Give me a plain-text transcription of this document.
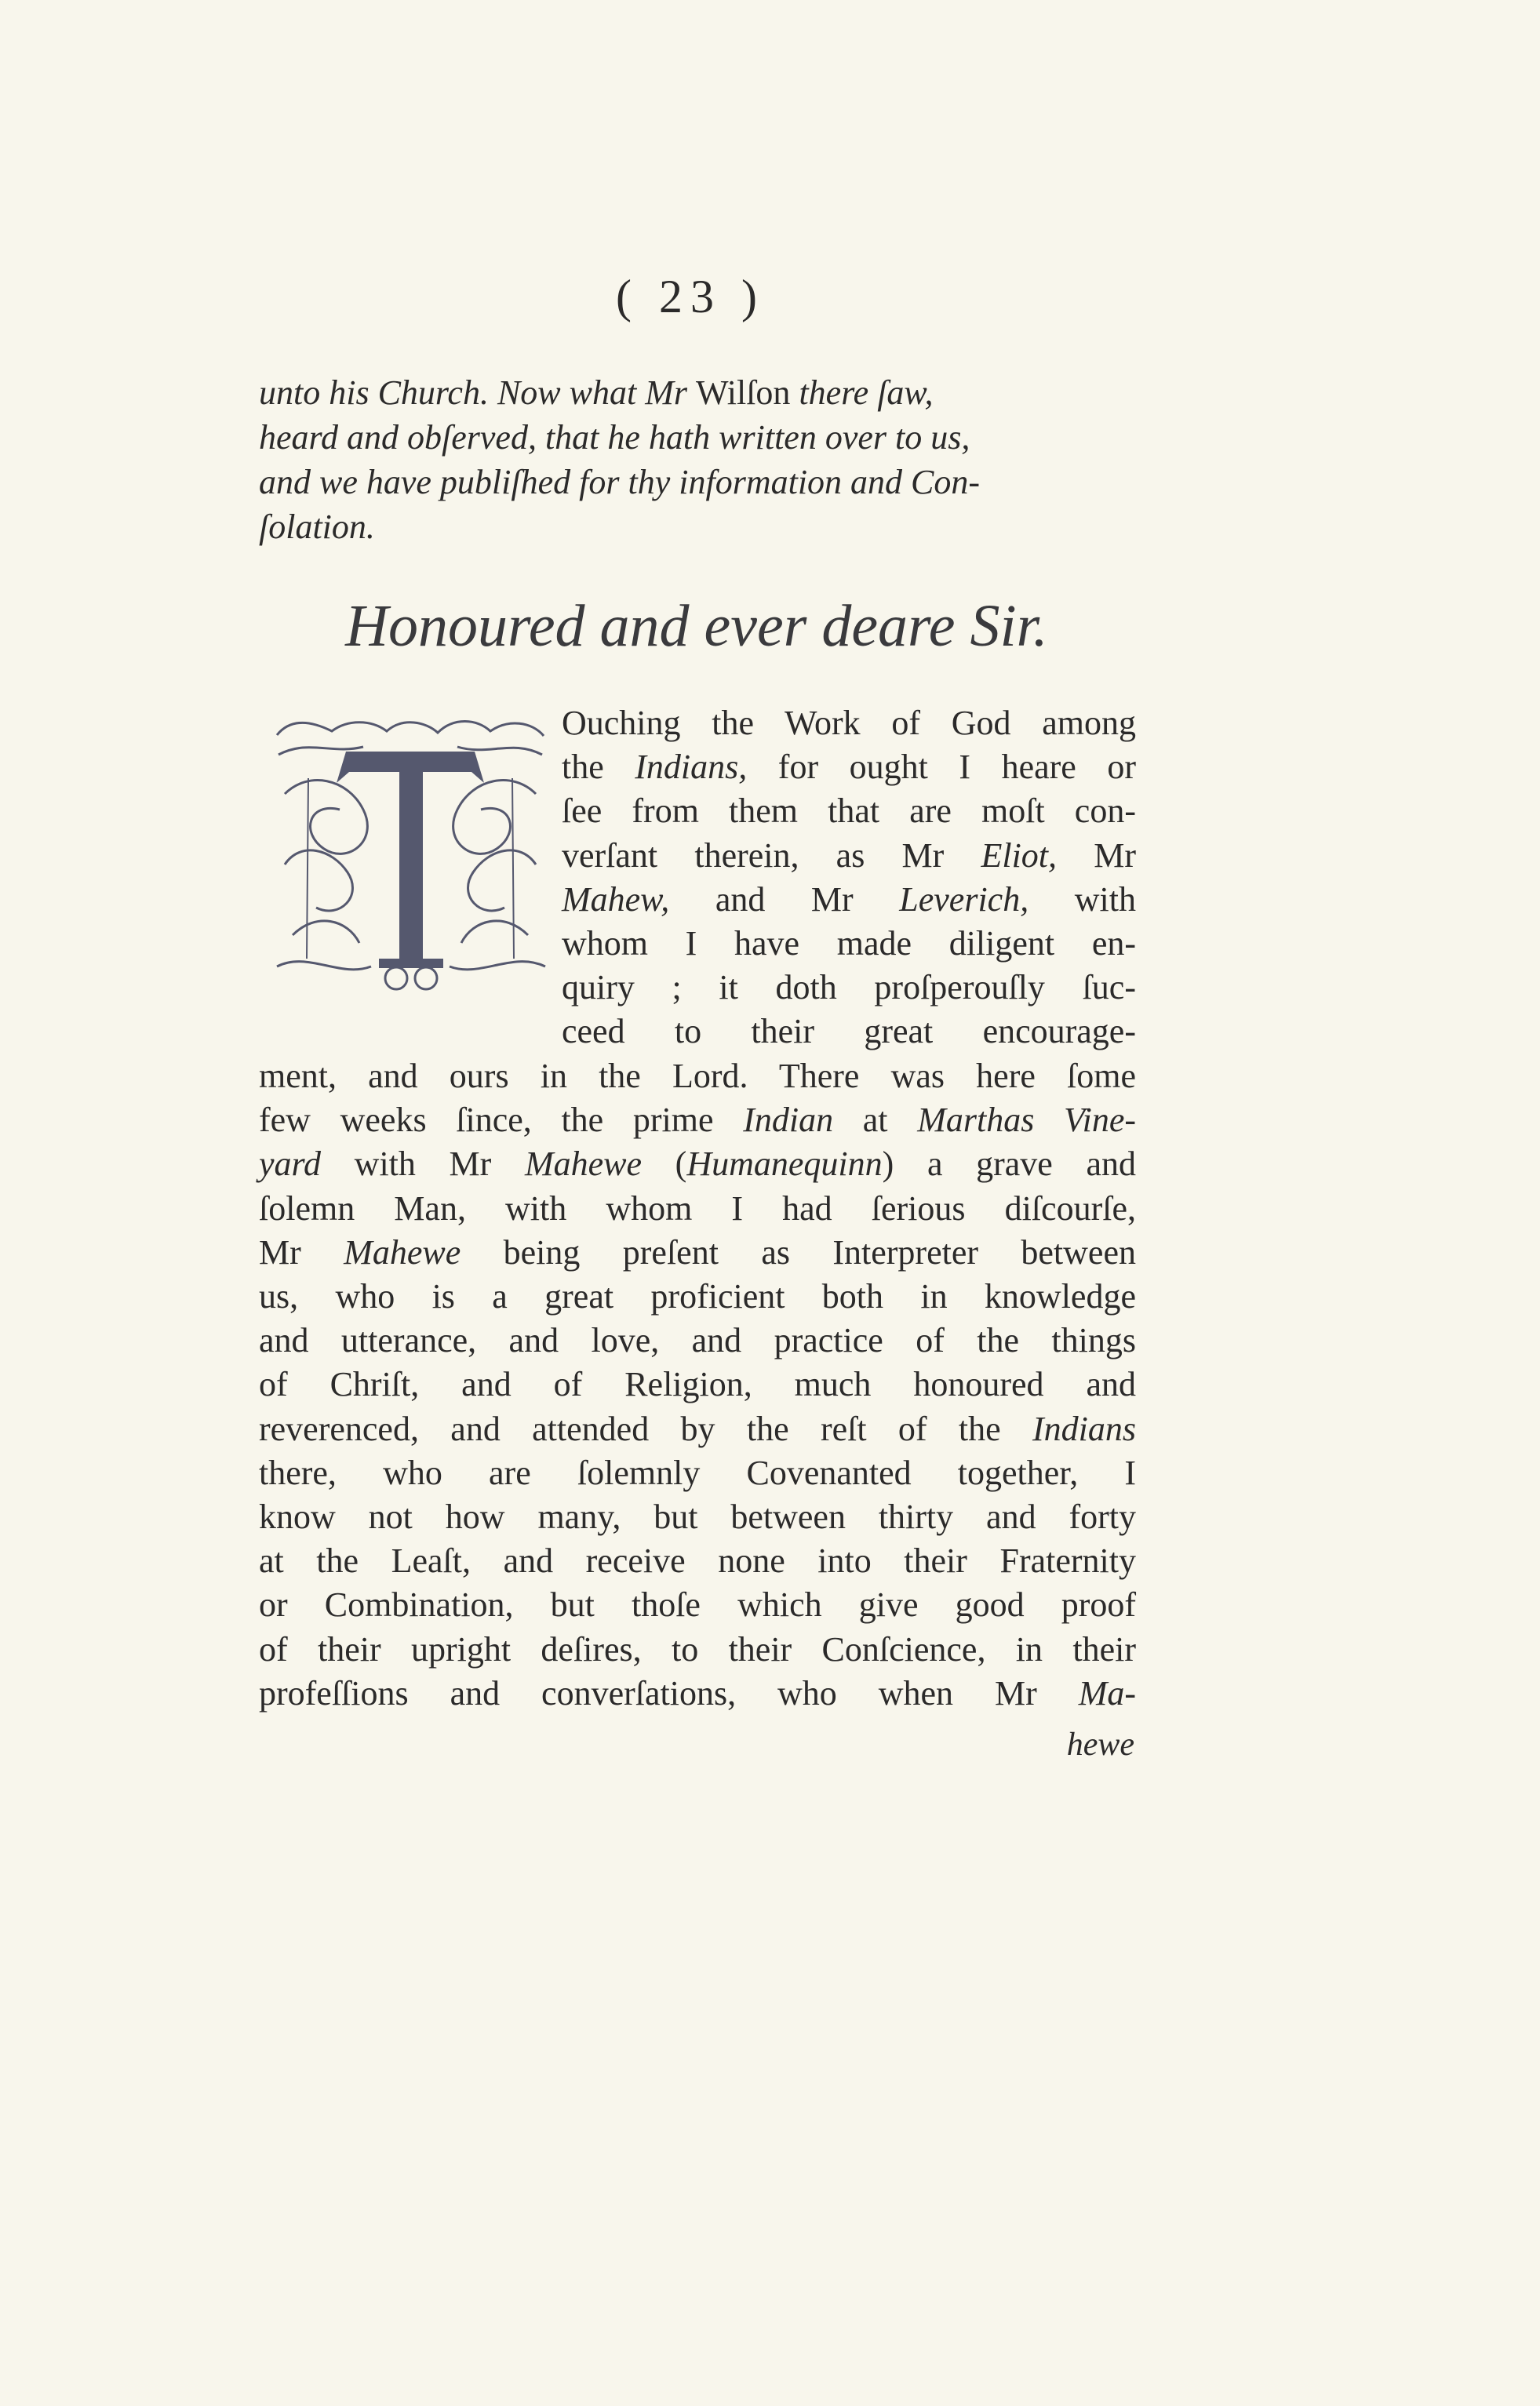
( 23 )
unto his Church. Now what Mr Wilſon there ſaw,
heard and obſerved, that he hath written over to us,
and we have publiſhed for thy information and Con-
ſolation.
Honoured and ever deare Sir.
Ouching the Work of God among
the Indians, for ought I heare or
ſee from them that are moſt con-
verſant therein, as Mr Eliot, Mr
Mahew, and Mr Leverich, with
whom I have made diligent en-
quiry ; it doth proſperouſly ſuc-
ceed to their great encourage-
ment, and ours in the Lord. There was here ſome
few weeks ſince, the prime Indian at Marthas Vine-
yard with Mr Mahewe (Humanequinn) a grave and
ſolemn Man, with whom I had ſerious diſcourſe,
Mr Mahewe being preſent as Interpreter between
us, who is a great proficient both in knowledge
and utterance, and love, and practice of the things
of Chriſt, and of Religion, much honoured and
reverenced, and attended by the reſt of the Indians
there, who are ſolemnly Covenanted together, I
know not how many, but between thirty and forty
at the Leaſt, and receive none into their Fraternity
or Combination, but thoſe which give good proof
of their upright deſires, to their Conſcience, in their
profeſſions and converſations, who when Mr Ma-
hewe
